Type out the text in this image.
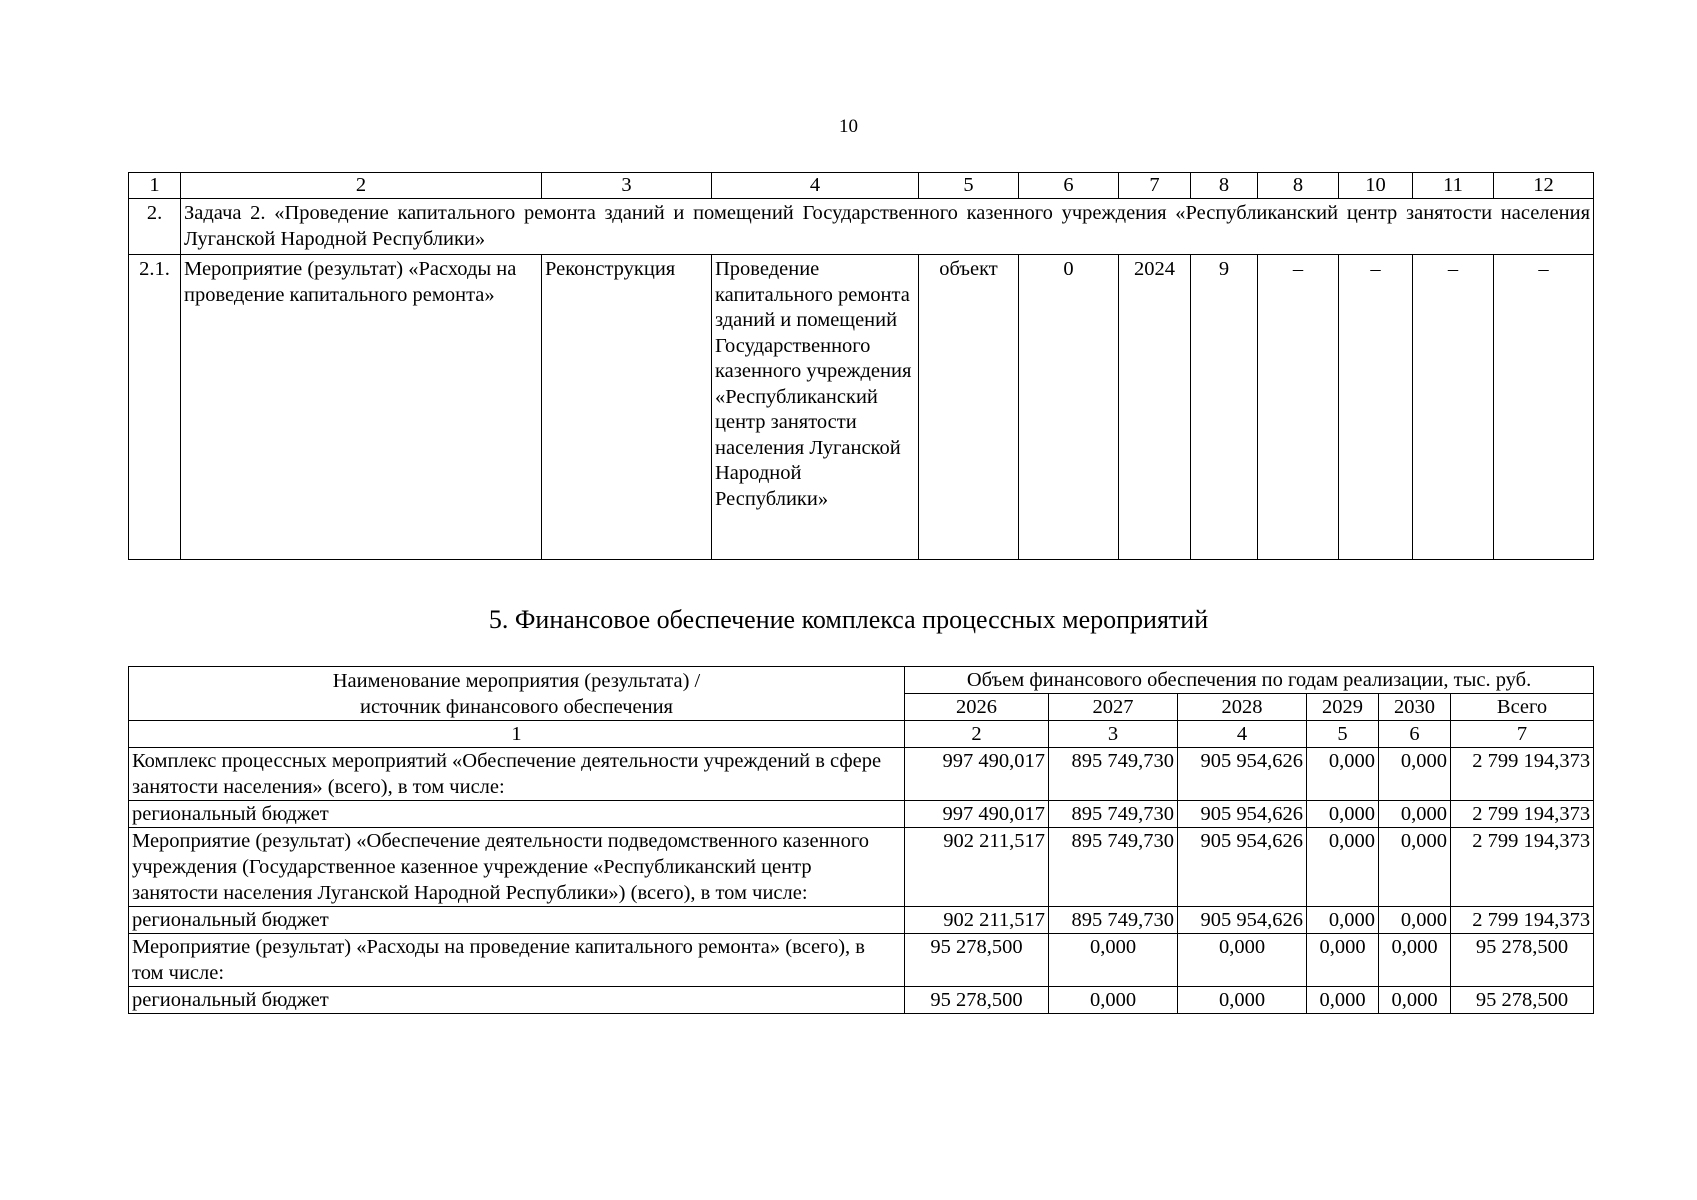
10
1	2	3	4	5	6	7	8	8	10	11	12
2.	Задача 2. «Проведение капитального ремонта зданий и помещений Государственного казенного учреждения «Республиканский центр занятости населения Луганской Народной Республики»										
2.1.	Мероприятие (результат) «Расходы на проведение капитального ремонта»	Реконструкция	Проведение капитального ремонта зданий и помещений Государственного казенного учреждения «Республиканский центр занятости населения Луганской Народной Республики»	объект	0	2024	9	–	–	–	–
5. Финансовое обеспечение комплекса процессных мероприятий
Наименование мероприятия (результата) / источник финансового обеспечения	Объем финансового обеспечения по годам реализации, тыс. руб.					
	2026	2027	2028	2029	2030	Всего
1	2	3	4	5	6	7
Комплекс процессных мероприятий «Обеспечение деятельности учреждений в сфере занятости населения» (всего), в том числе:	997 490,017	895 749,730	905 954,626	0,000	0,000	2 799 194,373
региональный бюджет	997 490,017	895 749,730	905 954,626	0,000	0,000	2 799 194,373
Мероприятие (результат) «Обеспечение деятельности подведомственного казенного учреждения (Государственное казенное учреждение «Республиканский центр занятости населения Луганской Народной Республики») (всего), в том числе:	902 211,517	895 749,730	905 954,626	0,000	0,000	2 799 194,373
региональный бюджет	902 211,517	895 749,730	905 954,626	0,000	0,000	2 799 194,373
Мероприятие (результат) «Расходы на проведение капитального ремонта» (всего), в том числе:	95 278,500	0,000	0,000	0,000	0,000	95 278,500
региональный бюджет	95 278,500	0,000	0,000	0,000	0,000	95 278,500
